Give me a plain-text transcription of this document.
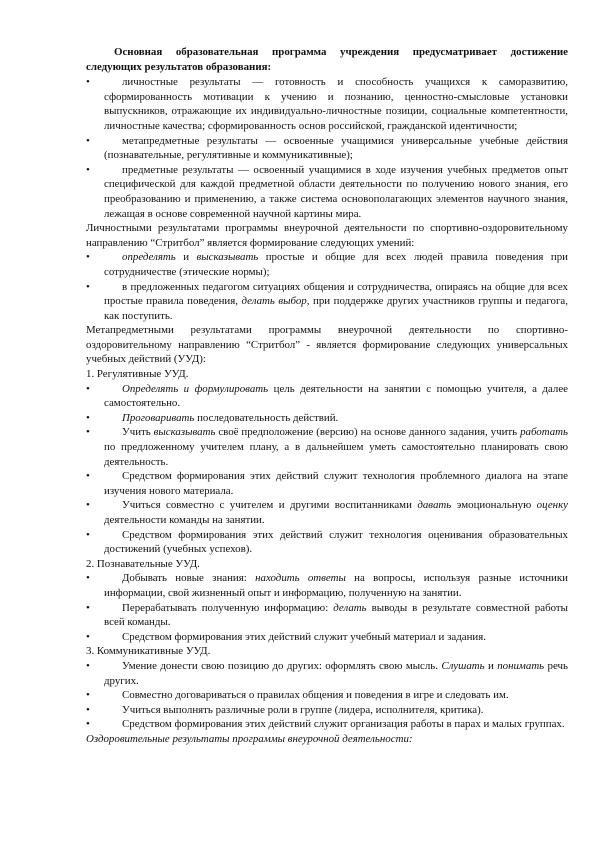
Основная образовательная программа учреждения предусматривает достижение следующих результатов образования:

• личностные результаты — готовность и способность учащихся к саморазвитию, сформированность мотивации к учению и познанию, ценностно-смысловые установки выпускников, отражающие их индивидуально-личностные позиции, социальные компетентности, личностные качества; сформированность основ российской, гражданской идентичности;
• метапредметные результаты — освоенные учащимися универсальные учебные действия (познавательные, регулятивные и коммуникативные);
• предметные результаты — освоенный учащимися в ходе изучения учебных предметов опыт специфической для каждой предметной области деятельности по получению нового знания, его преобразованию и применению, а также система основополагающих элементов научного знания, лежащая в основе современной научной картины мира.

Личностными результатами программы внеурочной деятельности по спортивно-оздоровительному направлению “Стритбол” является формирование следующих умений:

• определять и высказывать простые и общие для всех людей правила поведения при сотрудничестве (этические нормы);
• в предложенных педагогом ситуациях общения и сотрудничества, опираясь на общие для всех простые правила поведения, делать выбор, при поддержке других участников группы и педагога, как поступить.

Метапредметными результатами программы внеурочной деятельности по спортивно-оздоровительному направлению “Стритбол” - является формирование следующих универсальных учебных действий (УУД):

1. Регулятивные УУД.

• Определять и формулировать цель деятельности на занятии с помощью учителя, а далее самостоятельно.
• Проговаривать последовательность действий.
• Учить высказывать своё предположение (версию) на основе данного задания, учить работать по предложенному учителем плану, а в дальнейшем уметь самостоятельно планировать свою деятельность.
• Средством формирования этих действий служит технология проблемного диалога на этапе изучения нового материала.
• Учиться совместно с учителем и другими воспитанниками давать эмоциональную оценку деятельности команды на занятии.
• Средством формирования этих действий служит технология оценивания образовательных достижений (учебных успехов).

2. Познавательные УУД.

• Добывать новые знания: находить ответы на вопросы, используя разные источники информации, свой жизненный опыт и информацию, полученную на занятии.
• Перерабатывать полученную информацию: делать выводы в результате совместной работы всей команды.
• Средством формирования этих действий служит учебный материал и задания.

3. Коммуникативные УУД.

• Умение донести свою позицию до других: оформлять свою мысль. Слушать и понимать речь других.
• Совместно договариваться о правилах общения и поведения в игре и следовать им.
• Учиться выполнять различные роли в группе (лидера, исполнителя, критика).
• Средством формирования этих действий служит организация работы в парах и малых группах.

Оздоровительные результаты программы внеурочной деятельности:
